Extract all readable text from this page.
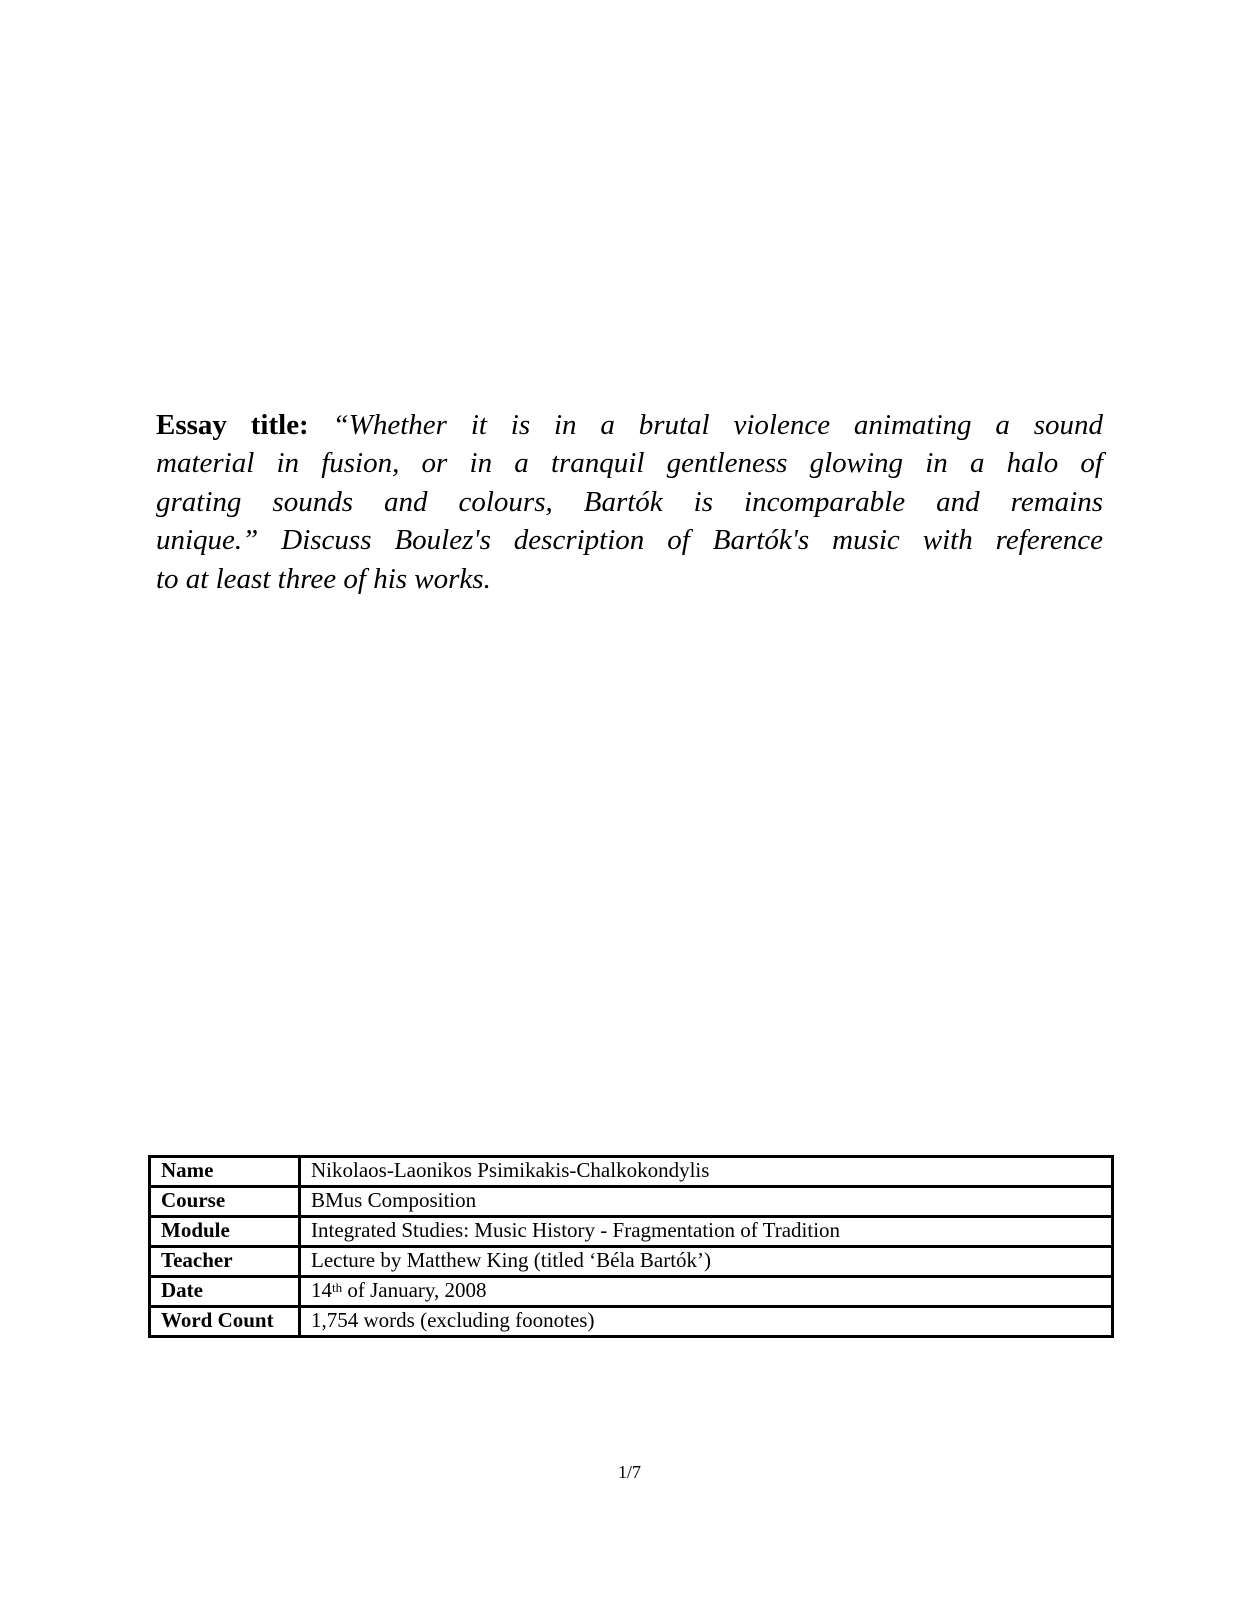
Essay title: “Whether it is in a brutal violence animating a sound
material in fusion, or in a tranquil gentleness glowing in a halo of
grating sounds and colours, Bartók is incomparable and remains
unique.” Discuss Boulez's description of Bartók's music with reference
to at least three of his works.

Name	Nikolaos-Laonikos Psimikakis-Chalkokondylis
Course	BMus Composition
Module	Integrated Studies: Music History - Fragmentation of Tradition
Teacher	Lecture by Matthew King (titled ‘Béla Bartók’)
Date	14th of January, 2008
Word Count	1,754 words (excluding foonotes)
1/7
